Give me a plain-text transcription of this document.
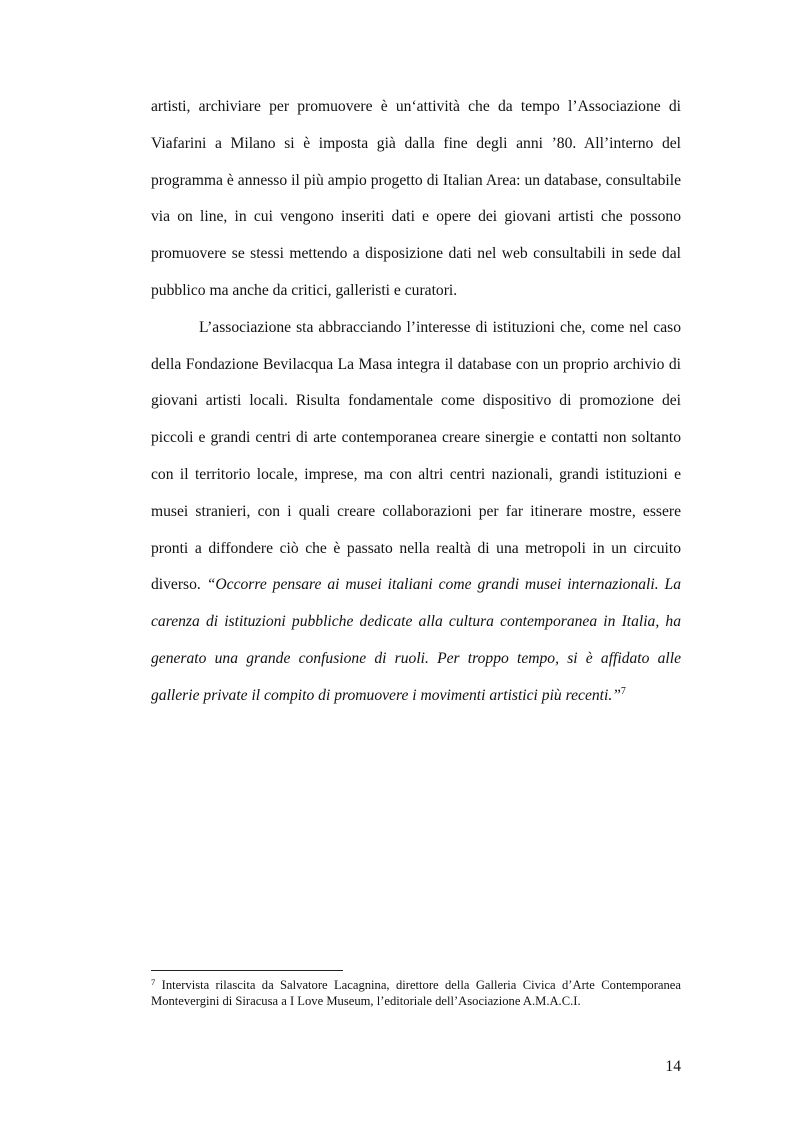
artisti, archiviare per promuovere è un‘attività che da tempo l’Associazione di Viafarini a Milano si è imposta già dalla fine degli anni ’80. All’interno del programma è annesso il più ampio progetto di Italian Area: un database, consultabile via on line, in cui vengono inseriti dati e opere dei giovani artisti che possono promuovere se stessi mettendo a disposizione dati nel web consultabili in sede dal pubblico ma anche da critici, galleristi e curatori.

L’associazione sta abbracciando l’interesse di istituzioni che, come nel caso della Fondazione Bevilacqua La Masa integra il database con un proprio archivio di giovani artisti locali. Risulta fondamentale come dispositivo di promozione dei piccoli e grandi centri di arte contemporanea creare sinergie e contatti non soltanto con il territorio locale, imprese, ma con altri centri nazionali, grandi istituzioni e musei stranieri, con i quali creare collaborazioni per far itinerare mostre, essere pronti a diffondere ciò che è passato nella realtà di una metropoli in un circuito diverso. “Occorre pensare ai musei italiani come grandi musei internazionali. La carenza di istituzioni pubbliche dedicate alla cultura contemporanea in Italia, ha generato una grande confusione di ruoli. Per troppo tempo, si è affidato alle gallerie private il compito di promuovere i movimenti artistici più recenti.”$^7$

$^7$ Intervista rilascita da Salvatore Lacagnina, direttore della Galleria Civica d’Arte Contemporanea Montevergini di Siracusa a I Love Museum, l’editoriale dell’Asociazione A.M.A.C.I.
14
